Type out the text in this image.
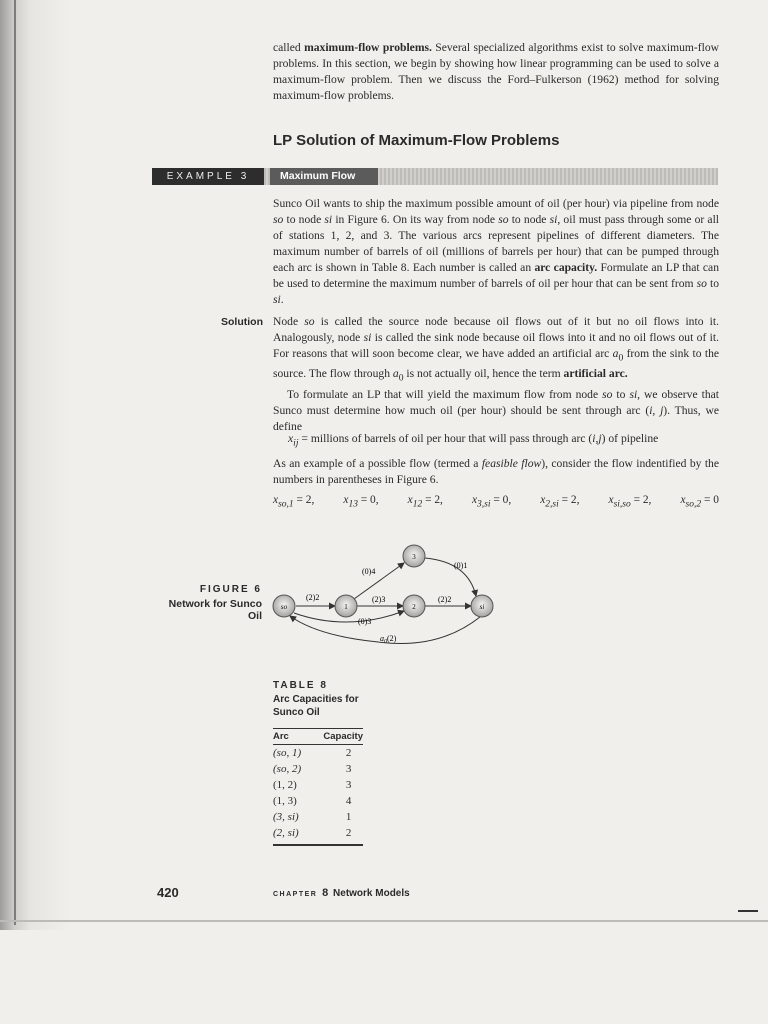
called maximum-flow problems. Several specialized algorithms exist to solve maximum-flow problems. In this section, we begin by showing how linear programming can be used to solve a maximum-flow problem. Then we discuss the Ford–Fulkerson (1962) method for solving maximum-flow problems.

LP Solution of Maximum-Flow Problems
EXAMPLE 3	Maximum Flow

Sunco Oil wants to ship the maximum possible amount of oil (per hour) via pipeline from node so to node si in Figure 6. On its way from node so to node si, oil must pass through some or all of stations 1, 2, and 3. The various arcs represent pipelines of different diameters. The maximum number of barrels of oil (millions of barrels per hour) that can be pumped through each arc is shown in Table 8. Each number is called an arc capacity. Formulate an LP that can be used to determine the maximum number of barrels of oil per hour that can be sent from so to si.

Solution Node so is called the source node because oil flows out of it but no oil flows into it. Analogously, node si is called the sink node because oil flows into it and no oil flows out of it. For reasons that will soon become clear, we have added an artificial arc $a_0$ from the sink to the source. The flow through $a_0$ is not actually oil, hence the term artificial arc.

To formulate an LP that will yield the maximum flow from node so to si, we observe that Sunco must determine how much oil (per hour) should be sent through arc (i, j). Thus, we define

$x_{ij}$ = millions of barrels of oil per hour that will pass through arc (i,j) of pipeline

As an example of a possible flow (termed a feasible flow), consider the flow indentified by the numbers in parentheses in Figure 6.

$x_{so,1} = 2$,	$x_{13} = 0$,	$x_{12} = 2$,	$x_{3,si} = 0$,	$x_{2,si} = 2$,	$x_{si,so} = 2$,	$x_{so,2} = 0$
FIGURE 6
Network for Sunco Oil
so	1	2
3
si
(2)2	(2)3	(2)2
(0)4
(0)1
(0)3
$a_0(2)$
TABLE 8
Arc Capacities for
Sunco Oil
Arc	Capacity
(so, 1)	2
(so, 2)	3
(1, 2)	3
(1, 3)	4
(3, si)	1
(2, si)	2
420	CHAPTER 8 Network Models
